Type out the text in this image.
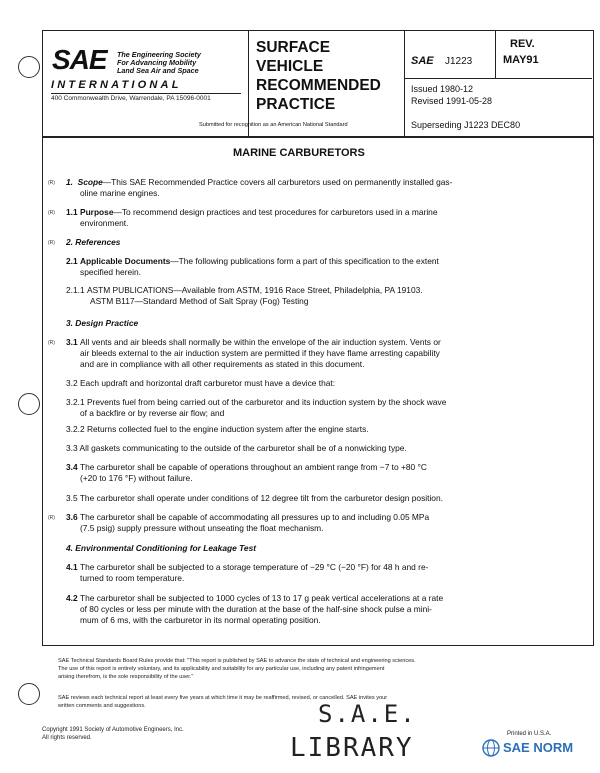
SAE The Engineering Society
For Advancing Mobility
Land Sea Air and Space
INTERNATIONAL
400 Commonwealth Drive, Warrendale, PA 15096-0001
SURFACE
VEHICLE
RECOMMENDED
PRACTICE
Submitted for recognition as an American National Standard
SAE J1223
REV.
MAY91
Issued 1980-12
Revised 1991-05-28
Superseding J1223 DEC80
MARINE CARBURETORS
(R) 1. Scope—This SAE Recommended Practice covers all carburetors used on permanently installed gas-
oline marine engines.
(R) 1.1 Purpose—To recommend design practices and test procedures for carburetors used in a marine
environment.
(R) 2. References
2.1 Applicable Documents—The following publications form a part of this specification to the extent
specified herein.
2.1.1 ASTM PUBLICATIONS—Available from ASTM, 1916 Race Street, Philadelphia, PA 19103.
ASTM B117—Standard Method of Salt Spray (Fog) Testing
3. Design Practice
(R) 3.1 All vents and air bleeds shall normally be within the envelope of the air induction system. Vents or
air bleeds external to the air induction system are permitted if they have flame arresting capability
and are in compliance with all other requirements as stated in this document.
3.2 Each updraft and horizontal draft carburetor must have a device that:
3.2.1 Prevents fuel from being carried out of the carburetor and its induction system by the shock wave
of a backfire or by reverse air flow; and
3.2.2 Returns collected fuel to the engine induction system after the engine starts.
3.3 All gaskets communicating to the outside of the carburetor shall be of a nonwicking type.
3.4 The carburetor shall be capable of operations throughout an ambient range from −7 to +80 °C
(+20 to 176 °F) without failure.
3.5 The carburetor shall operate under conditions of 12 degree tilt from the carburetor design position.
(R) 3.6 The carburetor shall be capable of accommodating all pressures up to and including 0.05 MPa
(7.5 psig) supply pressure without unseating the float mechanism.
4. Environmental Conditioning for Leakage Test
4.1 The carburetor shall be subjected to a storage temperature of −29 °C (−20 °F) for 48 h and re-
turned to room temperature.
4.2 The carburetor shall be subjected to 1000 cycles of 13 to 17 g peak vertical accelerations at a rate
of 80 cycles or less per minute with the duration at the base of the half-sine shock pulse a mini-
mum of 6 ms, with the carburetor in its normal operating position.
SAE Technical Standards Board Rules provide that: "This report is published by SAE to advance the state of technical and engineering sciences.
The use of this report is entirely voluntary, and its applicability and suitability for any particular use, including any patent infringement
arising therefrom, is the sole responsibility of the user."
SAE reviews each technical report at least every five years at which time it may be reaffirmed, revised, or cancelled. SAE invites your
written comments and suggestions.
Copyright 1991 Society of Automotive Engineers, Inc.
All rights reserved.
S.A.E.
LIBRARY	Printed in U.S.A.
SAE NORM
